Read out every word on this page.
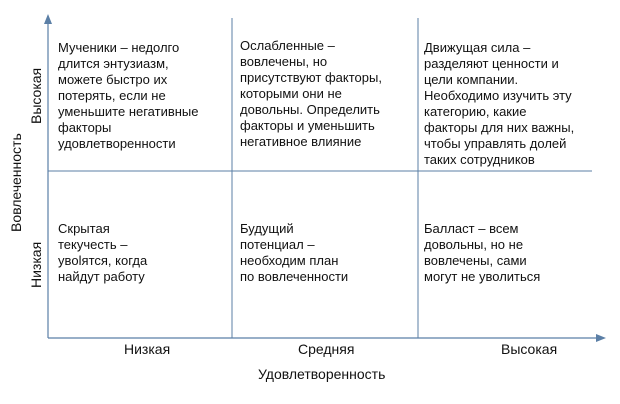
Вовлеченность
Высокая
Низкая
Мученики – недолго
длится энтузиазм,
можете быстро их
потерять, если не
уменьшите негативные
факторы
удовлетворенности
Ослабленные –
вовлечены, но
присутствуют факторы,
которыми они не
довольны. Определить
факторы и уменьшить
негативное влияние
Движущая сила –
разделяют ценности и
цели компании.
Необходимо изучить эту
категорию, какие
факторы для них важны,
чтобы управлять долей
таких сотрудников
Скрытая
текучесть –
увolятся, когда
найдут работу
Будущий
потенциал –
необходим план
по вовлеченности
Балласт – всем
довольны, но не
вовлечены, сами
могут не уволиться
Низкая	Средняя	Высокая
Удовлетворенность
